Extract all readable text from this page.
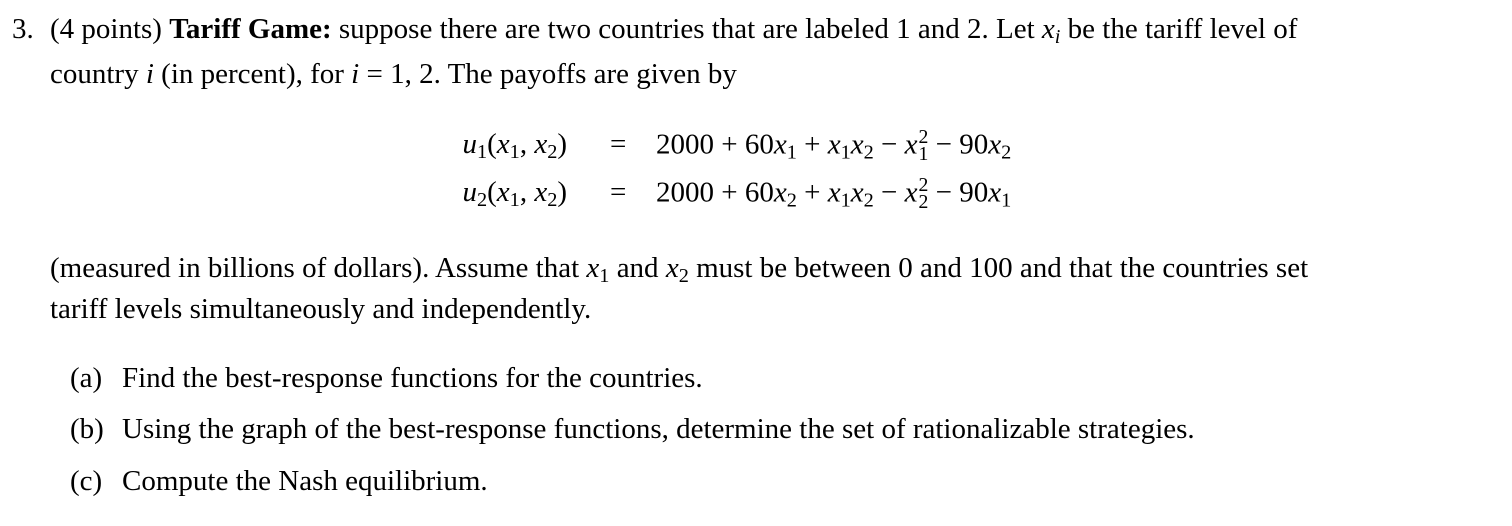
3. (4 points) Tariff Game: suppose there are two countries that are labeled 1 and 2. Let $x_i$ be the tariff level of
country i (in percent), for i = 1, 2. The payoffs are given by
$u_1(x_1$, $x_2) = 2000 + 60x_1 + x_1x_2 - x$ 2
$1 - 90x_2$
$u_2(x_1$, $x_2) = 2000 + 60x_2 + x_1x_2 - x$ 2
$2 - 90x_1$
(measured in billions of dollars). Assume that $x_1$ and $x_2$ must be between 0 and 100 and that the countries set
tariff levels simultaneously and independently.
(a) Find the best-response functions for the countries.
(b) Using the graph of the best-response functions, determine the set of rationalizable strategies.
(c) Compute the Nash equilibrium.
